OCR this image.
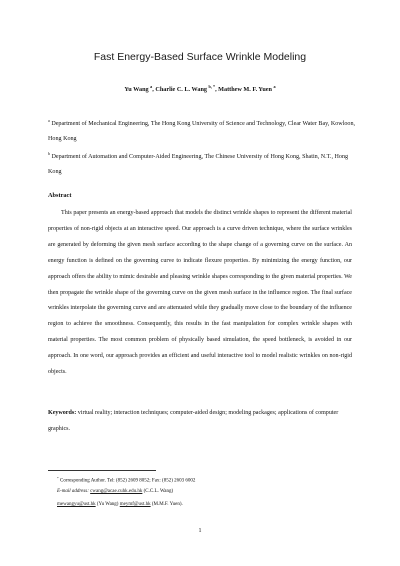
Fast Energy-Based Surface Wrinkle Modeling
Yu Wang $^a$, Charlie C. L. Wang $^{b, *}$, Matthew M. F. Yuen $^a$
$^a$ Department of Mechanical Engineering, The Hong Kong University of Science and Technology, Clear Water Bay, Kowloon, Hong Kong
$^b$ Department of Automation and Computer-Aided Engineering, The Chinese University of Hong Kong, Shatin, N.T., Hong Kong
Abstract
This paper presents an energy-based approach that models the distinct wrinkle shapes to represent the different material properties of non-rigid objects at an interactive speed. Our approach is a curve driven technique, where the surface wrinkles are generated by deforming the given mesh surface according to the shape change of a governing curve on the surface. An energy function is defined on the governing curve to indicate flexure properties. By minimizing the energy function, our approach offers the ability to mimic desirable and pleasing wrinkle shapes corresponding to the given material properties. We then propagate the wrinkle shape of the governing curve on the given mesh surface in the influence region. The final surface wrinkles interpolate the governing curve and are attenuated while they gradually move close to the boundary of the influence region to achieve the smoothness. Consequently, this results in the fast manipulation for complex wrinkle shapes with material properties. The most common problem of physically based simulation, the speed bottleneck, is avoided in our approach. In one word, our approach provides an efficient and useful interactive tool to model realistic wrinkles on non-rigid objects.
Keywords: virtual reality; interaction techniques; computer-aided design; modeling packages; applications of computer graphics.
* Corresponding Author. Tel: (852) 2609 8052; Fax: (852) 2603 6002
E-mail address: cwang@acae.cuhk.edu.hk (C.C.L. Wang)
mewangyu@ust.hk (Yu Wang) meymf@ust.hk (M.M.F. Yuen).
1
